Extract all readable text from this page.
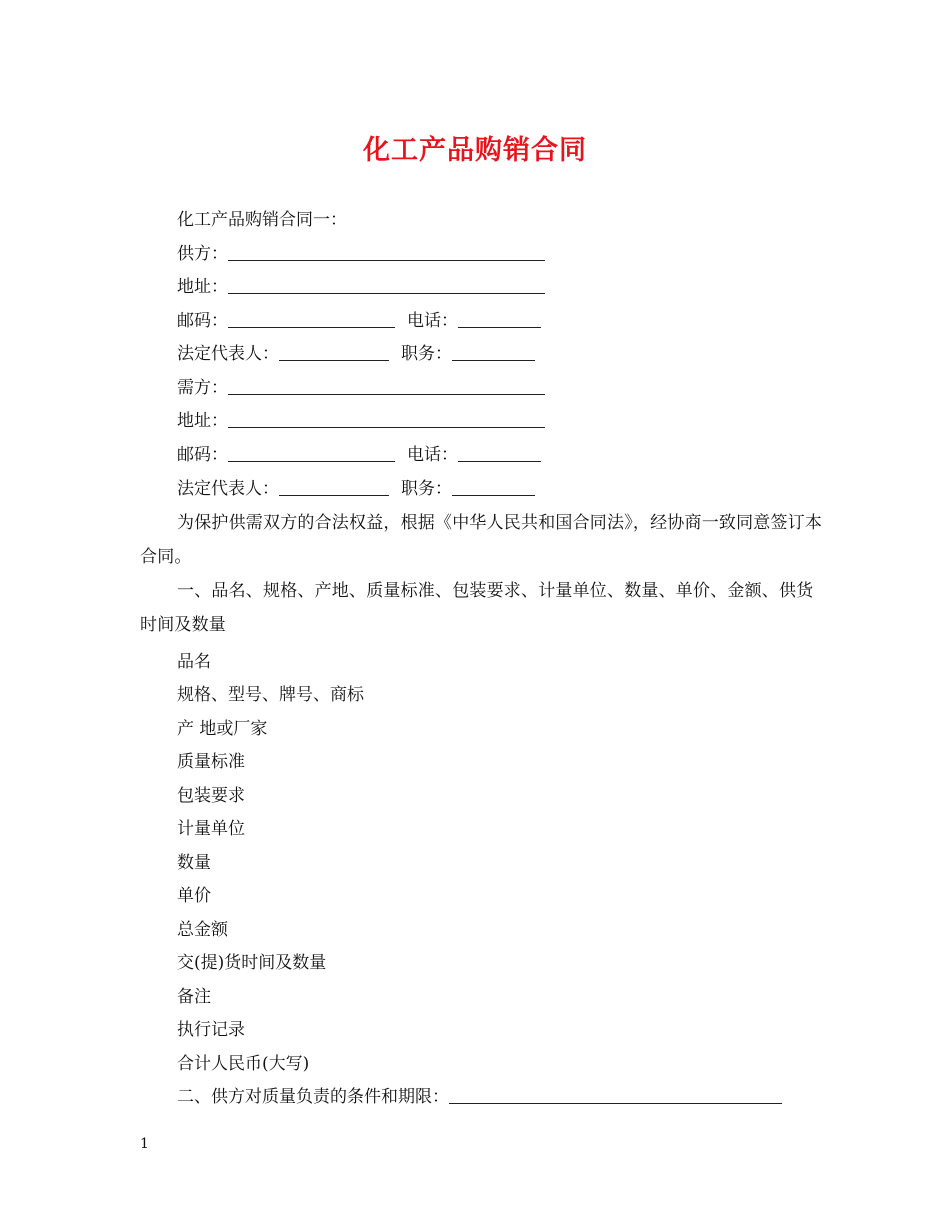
化工产品购销合同
化工产品购销合同一：
供方：
地址：
邮码：	电话：
法定代表人：	职务：
需方：
地址：
邮码：	电话：
法定代表人：	职务：
为保护供需双方的合法权益，根据《中华人民共和国合同法》，经协商一致同意签订本合同。
一、品名、规格、产地、质量标准、包装要求、计量单位、数量、单价、金额、供货时间及数量
品名
规格、型号、牌号、商标
产 地或厂家
质量标准
包装要求
计量单位
数量
单价
总金额
交(提)货时间及数量
备注
执行记录
合计人民币(大写)
二、供方对质量负责的条件和期限：
1
